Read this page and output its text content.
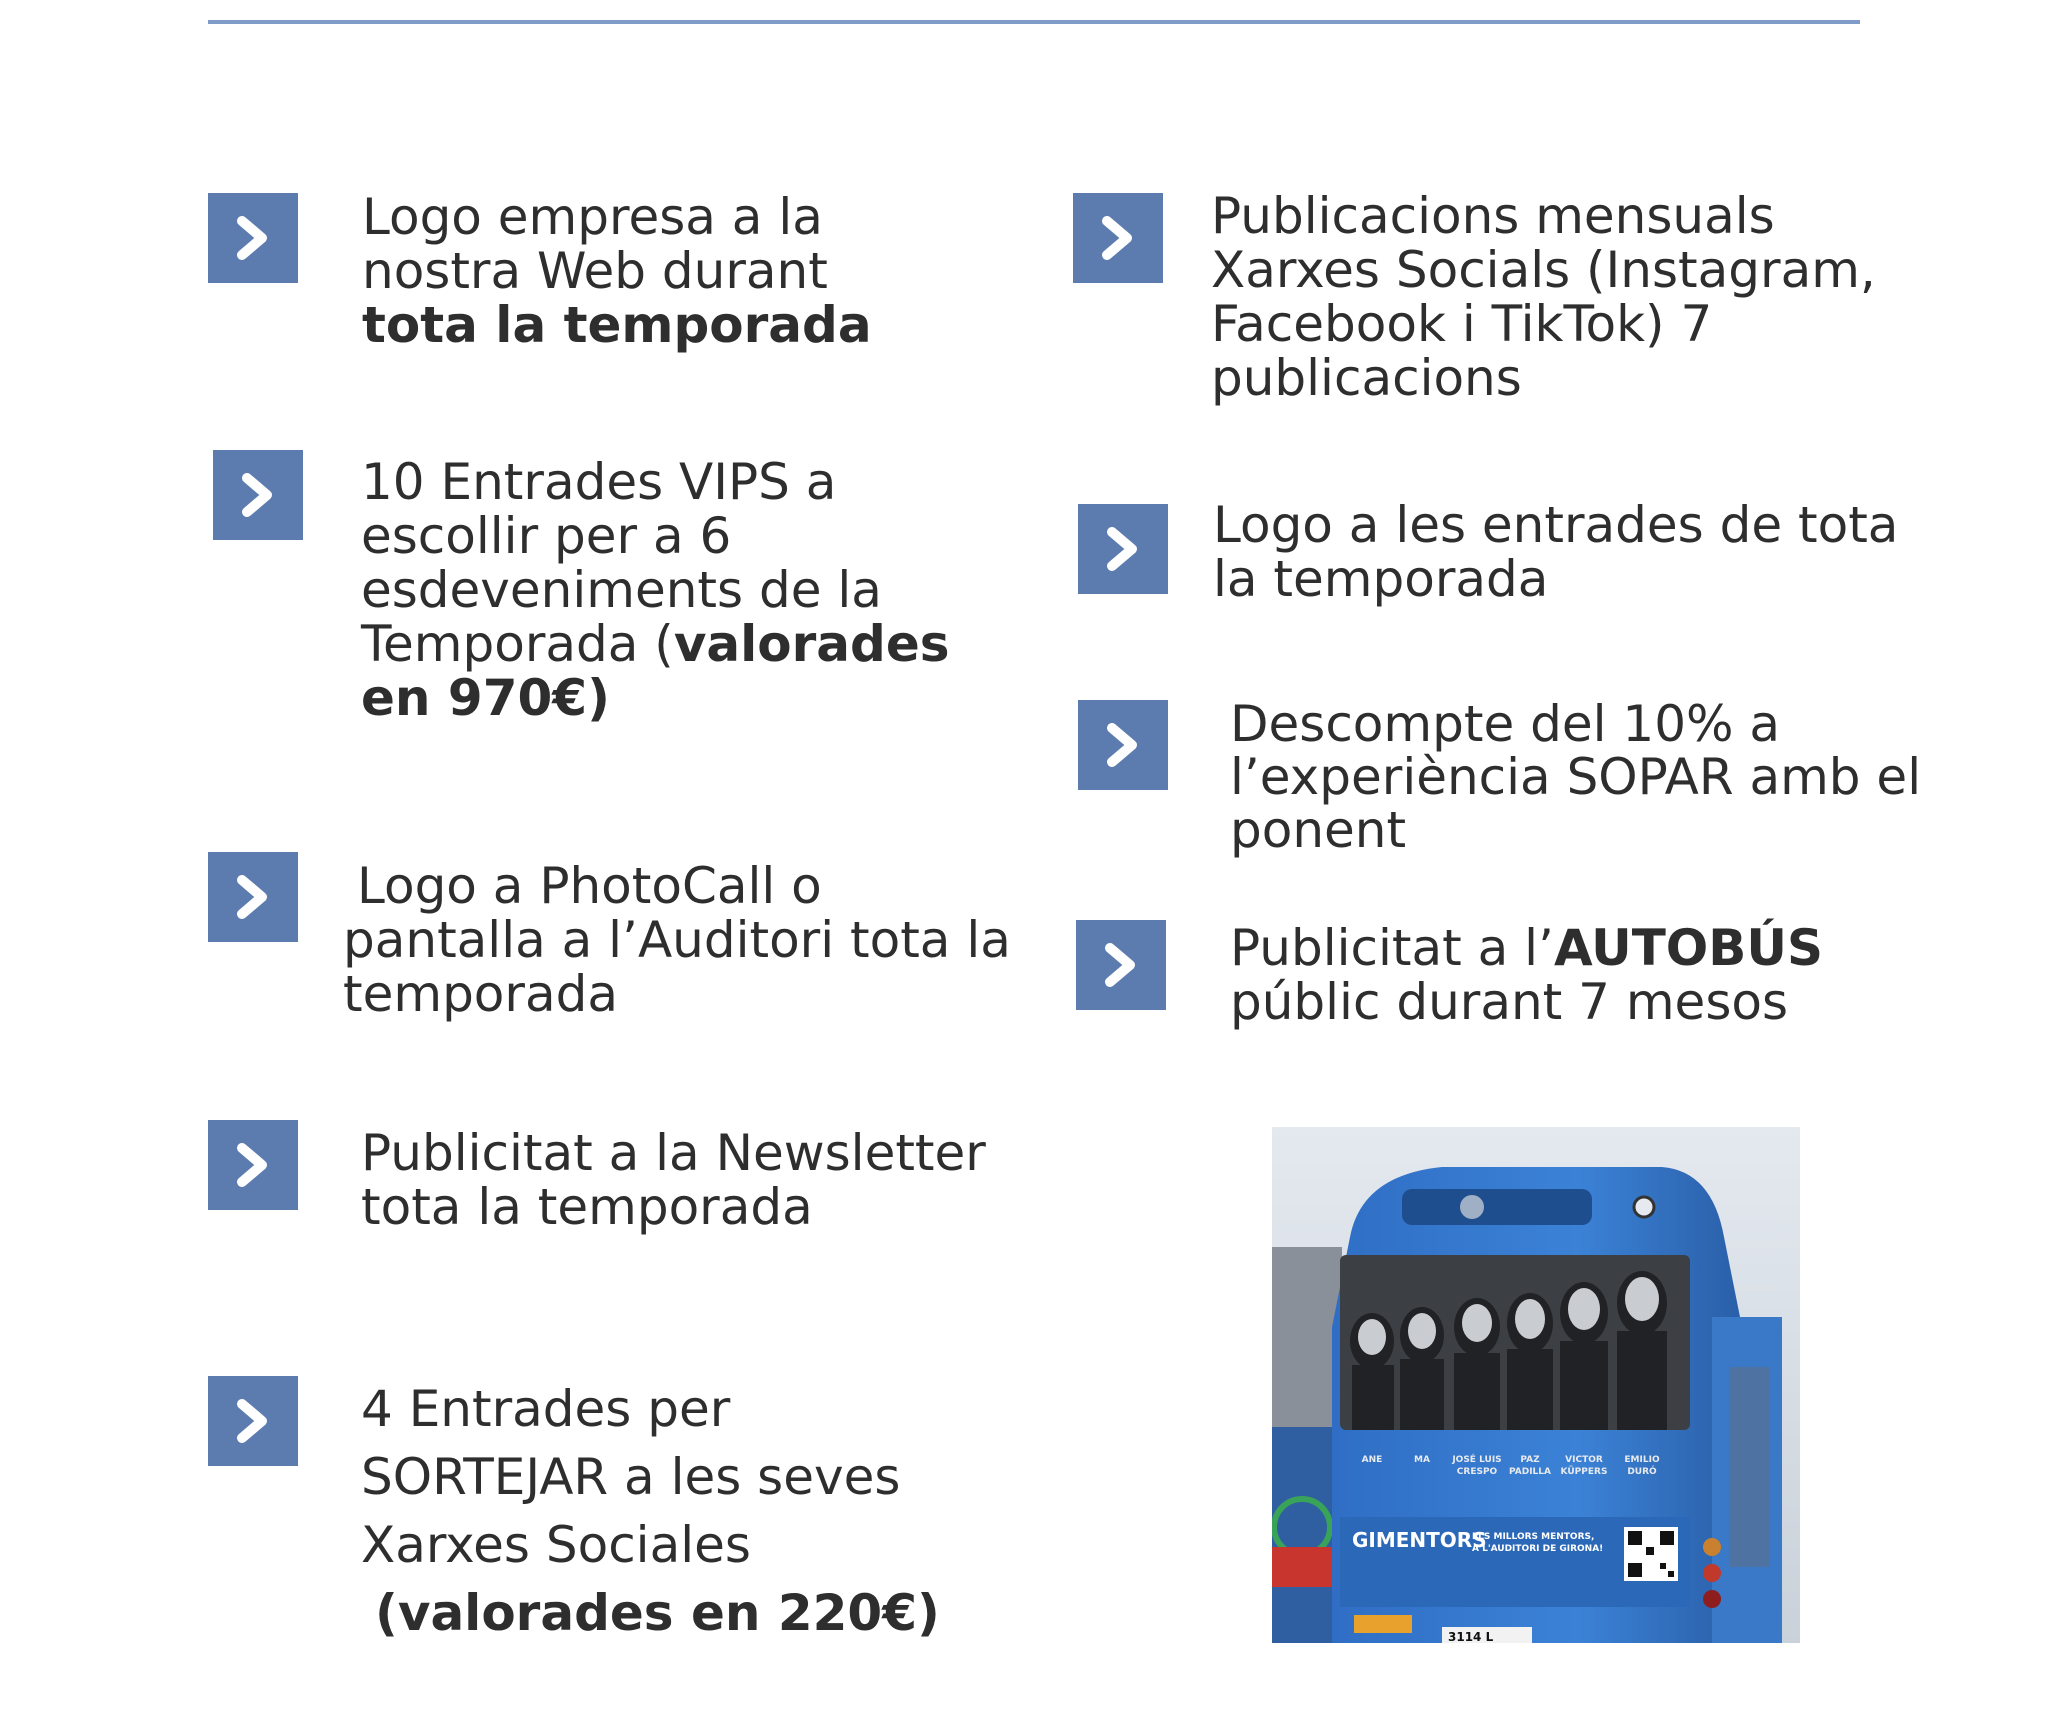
Logo empresa a la
nostra Web durant
tota la temporada
10 Entrades VIPS a
escollir per a 6
esdeveniments de la
Temporada (valorades
en 970€)
Logo a PhotoCall o
pantalla a l’Auditori tota la
temporada
Publicitat a la Newsletter
tota la temporada
4 Entrades per
SORTEJAR a les seves
Xarxes Sociales
(valorades en 220€)
Publicacions mensuals
Xarxes Socials (Instagram,
Facebook i TikTok) 7
publicacions
Logo a les entrades de tota
la temporada
Descompte del 10% a
l’experiència SOPAR amb el
ponent
Publicitat a l’AUTOBÚS
públic durant 7 mesos
ANE	MA JOSÉ LUIS PAZ	VICTOR EMILIO
CRESPO PADILLA KÜPPERS DURÓ
GIMENTORS
ELS MILLORS MENTORS,
A L'AUDITORI DE GIRONA!
3114 L
